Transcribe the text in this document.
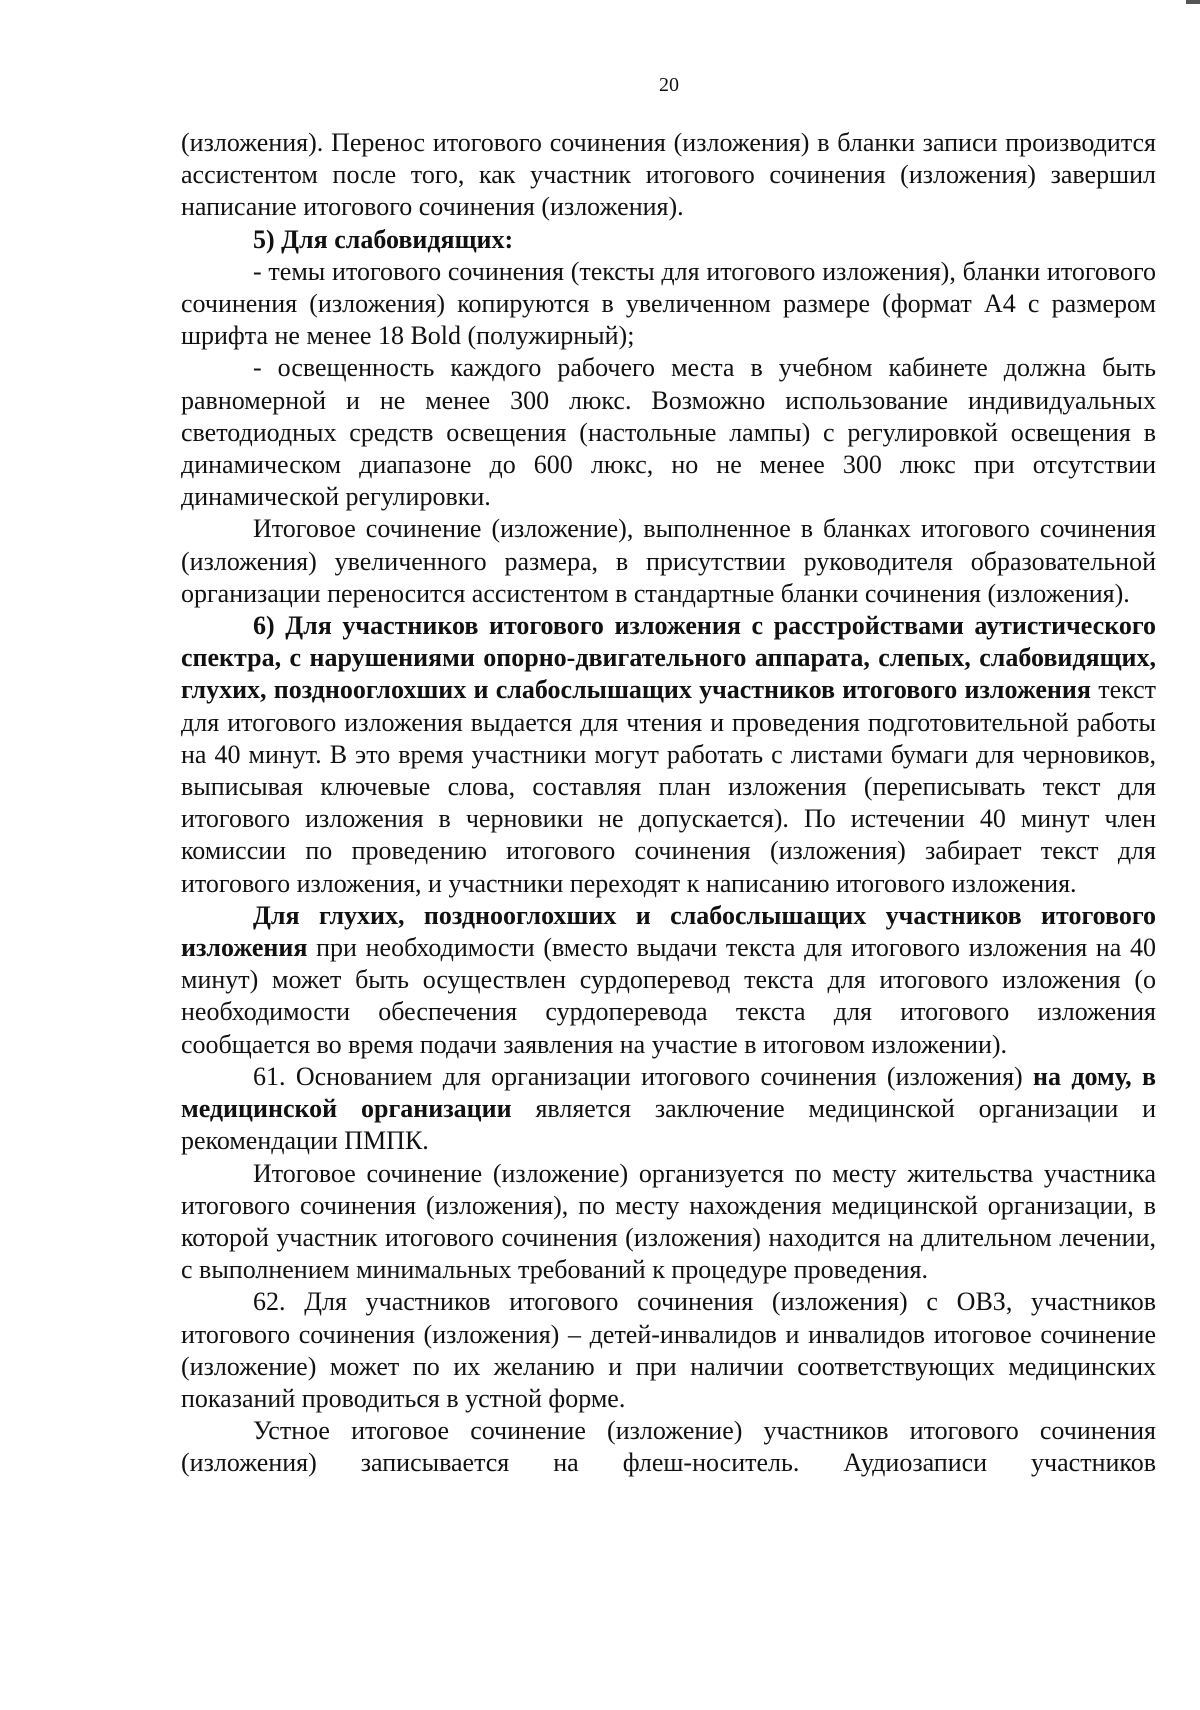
20

(изложения). Перенос итогового сочинения (изложения) в бланки записи производится ассистентом после того, как участник итогового сочинения (изложения) завершил написание итогового сочинения (изложения).

5) Для слабовидящих:

- темы итогового сочинения (тексты для итогового изложения), бланки итогового сочинения (изложения) копируются в увеличенном размере (формат А4 с размером шрифта не менее 18 Bold (полужирный);

- освещенность каждого рабочего места в учебном кабинете должна быть равномерной и не менее 300 люкс. Возможно использование индивидуальных светодиодных средств освещения (настольные лампы) с регулировкой освещения в динамическом диапазоне до 600 люкс, но не менее 300 люкс при отсутствии динамической регулировки.

Итоговое сочинение (изложение), выполненное в бланках итогового сочинения (изложения) увеличенного размера, в присутствии руководителя образовательной организации переносится ассистентом в стандартные бланки сочинения (изложения).

6) Для участников итогового изложения с расстройствами аутистического спектра, с нарушениями опорно-двигательного аппарата, слепых, слабовидящих, глухих, позднооглохших и слабослышащих участников итогового изложения текст для итогового изложения выдается для чтения и проведения подготовительной работы на 40 минут. В это время участники могут работать с листами бумаги для черновиков, выписывая ключевые слова, составляя план изложения (переписывать текст для итогового изложения в черновики не допускается). По истечении 40 минут член комиссии по проведению итогового сочинения (изложения) забирает текст для итогового изложения, и участники переходят к написанию итогового изложения.

Для глухих, позднооглохших и слабослышащих участников итогового изложения при необходимости (вместо выдачи текста для итогового изложения на 40 минут) может быть осуществлен сурдоперевод текста для итогового изложения (о необходимости обеспечения сурдоперевода текста для итогового изложения сообщается во время подачи заявления на участие в итоговом изложении).

61. Основанием для организации итогового сочинения (изложения) на дому, в медицинской организации является заключение медицинской организации и рекомендации ПМПК.

Итоговое сочинение (изложение) организуется по месту жительства участника итогового сочинения (изложения), по месту нахождения медицинской организации, в которой участник итогового сочинения (изложения) находится на длительном лечении, с выполнением минимальных требований к процедуре проведения.

62. Для участников итогового сочинения (изложения) с ОВЗ, участников итогового сочинения (изложения) – детей-инвалидов и инвалидов итоговое сочинение (изложение) может по их желанию и при наличии соответствующих медицинских показаний проводиться в устной форме.

Устное итоговое сочинение (изложение) участников итогового сочинения (изложения) записывается на флеш-носитель. Аудиозаписи участников
